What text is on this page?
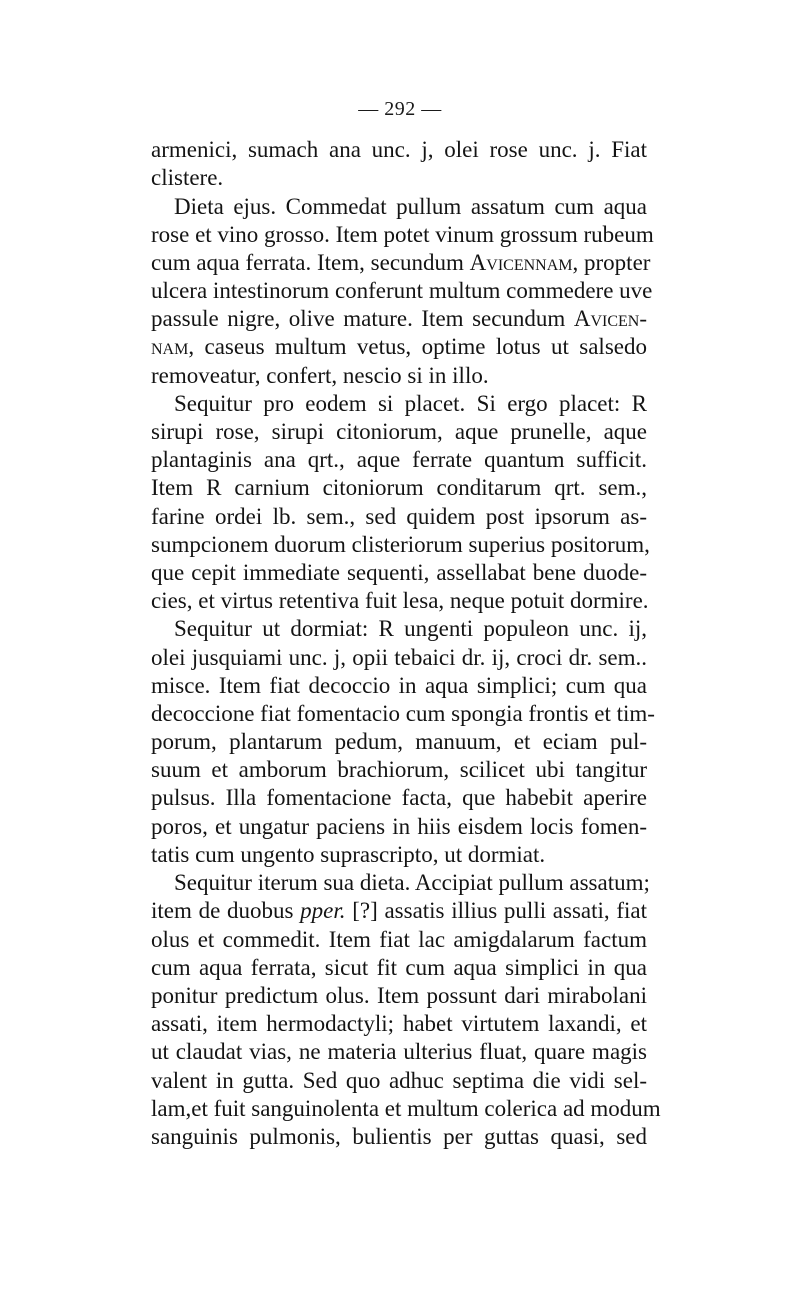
— 292 —
armenici, sumach ana unc. j, olei rose unc. j. Fiat
clistere.
Dieta ejus. Commedat pullum assatum cum aqua
rose et vino grosso. Item potet vinum grossum rubeum
cum aqua ferrata. Item, secundum Avicennam, propter
ulcera intestinorum conferunt multum commedere uve
passule nigre, olive mature. Item secundum Avicen-
nam, caseus multum vetus, optime lotus ut salsedo
removeatur, confert, nescio si in illo.
Sequitur pro eodem si placet. Si ergo placet: R
sirupi rose, sirupi citoniorum, aque prunelle, aque
plantaginis ana qrt., aque ferrate quantum sufficit.
Item R carnium citoniorum conditarum qrt. sem.,
farine ordei lb. sem., sed quidem post ipsorum as-
sumpcionem duorum clisteriorum superius positorum,
que cepit immediate sequenti, assellabat bene duode-
cies, et virtus retentiva fuit lesa, neque potuit dormire.
Sequitur ut dormiat: R ungenti populeon unc. ij,
olei jusquiami unc. j, opii tebaici dr. ij, croci dr. sem..
misce. Item fiat decoccio in aqua simplici; cum qua
decoccione fiat fomentacio cum spongia frontis et tim-
porum, plantarum pedum, manuum, et eciam pul-
suum et amborum brachiorum, scilicet ubi tangitur
pulsus. Illa fomentacione facta, que habebit aperire
poros, et ungatur paciens in hiis eisdem locis fomen-
tatis cum ungento suprascripto, ut dormiat.
Sequitur iterum sua dieta. Accipiat pullum assatum;
item de duobus pper. [?] assatis illius pulli assati, fiat
olus et commedit. Item fiat lac amigdalarum factum
cum aqua ferrata, sicut fit cum aqua simplici in qua
ponitur predictum olus. Item possunt dari mirabolani
assati, item hermodactyli; habet virtutem laxandi, et
ut claudat vias, ne materia ulterius fluat, quare magis
valent in gutta. Sed quo adhuc septima die vidi sel-
lam,et fuit sanguinolenta et multum colerica ad modum
sanguinis pulmonis, bulientis per guttas quasi, sed
